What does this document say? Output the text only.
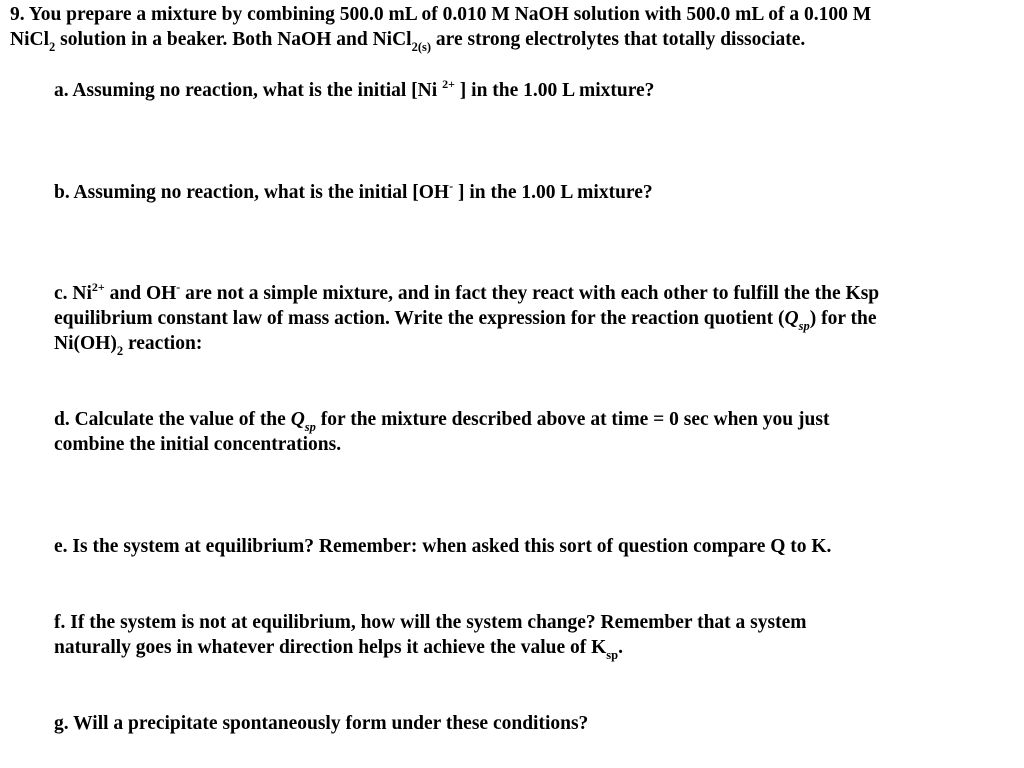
9. You prepare a mixture by combining 500.0 mL of 0.010 M NaOH solution with 500.0 mL of a 0.100 M
NiCl$_2$ solution in a beaker. Both NaOH and NiCl$_{2(s)}$ are strong electrolytes that totally dissociate.

a. Assuming no reaction, what is the initial [Ni $^{2+}$ ] in the 1.00 L mixture?

b. Assuming no reaction, what is the initial [OH- ] in the 1.00 L mixture?

c. $Ni^{2+}$ and OH- are not a simple mixture, and in fact they react with each other to fulfill the the Ksp
equilibrium constant law of mass action. Write the expression for the reaction quotient $(Q_{sp})$ for the
$Ni(OH)_2$ reaction:

d. Calculate the value of the $Q_{sp}$ for the mixture described above at time = 0 sec when you just
combine the initial concentrations.

e. Is the system at equilibrium? Remember: when asked this sort of question compare Q to K.

f. If the system is not at equilibrium, how will the system change? Remember that a system
naturally goes in whatever direction helps it achieve the value of $K_{sp}$.

g. Will a precipitate spontaneously form under these conditions?
